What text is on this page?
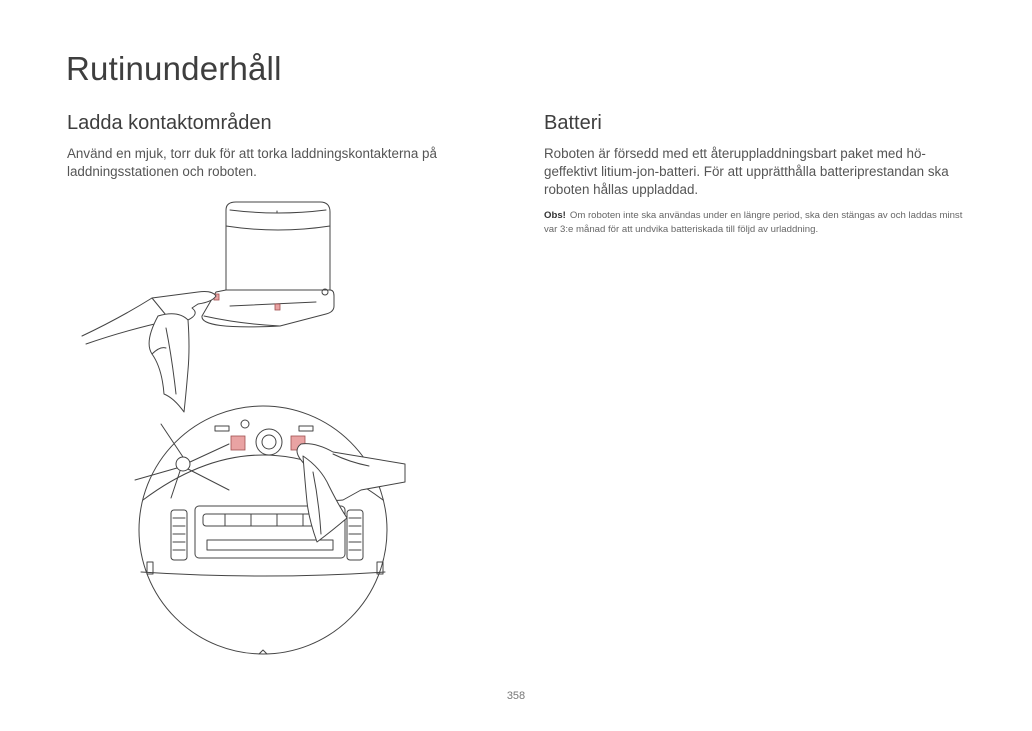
Rutinunderhåll
Ladda kontaktområden

Använd en mjuk, torr duk för att torka laddningskontakterna på laddningsstationen och roboten.

Batteri

Roboten är försedd med ett återuppladdningsbart paket med hö-geffektivt litium-jon-batteri. För att upprätthålla batteriprestandan ska roboten hållas uppladdad.

Obs! Om roboten inte ska användas under en längre period, ska den stängas av och laddas minst var 3:e månad för att undvika batteriskada till följd av urladdning.

358
